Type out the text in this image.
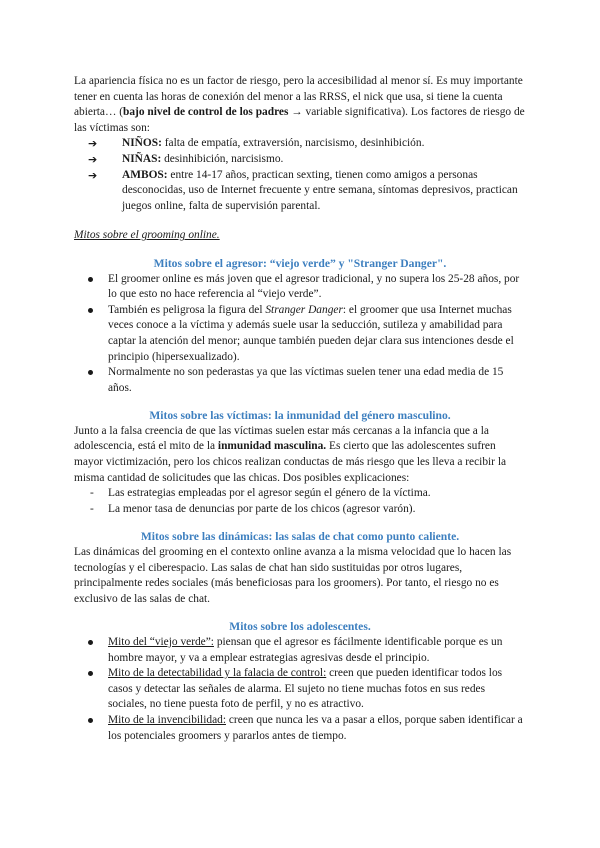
La apariencia física no es un factor de riesgo, pero la accesibilidad al menor sí. Es muy importante tener en cuenta las horas de conexión del menor a las RRSS, el nick que usa, si tiene la cuenta abierta… (bajo nivel de control de los padres → variable significativa). Los factores de riesgo de las víctimas son:

➔ NIÑOS: falta de empatía, extraversión, narcisismo, desinhibición.
➔ NIÑAS: desinhibición, narcisismo.
➔ AMBOS: entre 14-17 años, practican sexting, tienen como amigos a personas desconocidas, uso de Internet frecuente y entre semana, síntomas depresivos, practican juegos online, falta de supervisión parental.

Mitos sobre el grooming online.

Mitos sobre el agresor: “viejo verde” y "Stranger Danger".
El groomer online es más joven que el agresor tradicional, y no supera los 25-28 años, por lo que esto no hace referencia al “viejo verde”.
También es peligrosa la figura del Stranger Danger: el groomer que usa Internet muchas veces conoce a la víctima y además suele usar la seducción, sutileza y amabilidad para captar la atención del menor; aunque también pueden dejar clara sus intenciones desde el principio (hipersexualizado).
Normalmente no son pederastas ya que las víctimas suelen tener una edad media de 15 años.
Mitos sobre las víctimas: la inmunidad del género masculino.

Junto a la falsa creencia de que las víctimas suelen estar más cercanas a la infancia que a la adolescencia, está el mito de la inmunidad masculina. Es cierto que las adolescentes sufren mayor victimización, pero los chicos realizan conductas de más riesgo que les lleva a recibir la misma cantidad de solicitudes que las chicas. Dos posibles explicaciones:

- Las estrategias empleadas por el agresor según el género de la víctima.
- La menor tasa de denuncias por parte de los chicos (agresor varón).
Mitos sobre las dinámicas: las salas de chat como punto caliente.

Las dinámicas del grooming en el contexto online avanza a la misma velocidad que lo hacen las tecnologías y el ciberespacio. Las salas de chat han sido sustituidas por otros lugares, principalmente redes sociales (más beneficiosas para los groomers). Por tanto, el riesgo no es exclusivo de las salas de chat.

Mitos sobre los adolescentes.
Mito del “viejo verde”: piensan que el agresor es fácilmente identificable porque es un hombre mayor, y va a emplear estrategias agresivas desde el principio.
Mito de la detectabilidad y la falacia de control: creen que pueden identificar todos los casos y detectar las señales de alarma. El sujeto no tiene muchas fotos en sus redes sociales, no tiene puesta foto de perfil, y no es atractivo.
Mito de la invencibilidad: creen que nunca les va a pasar a ellos, porque saben identificar a los potenciales groomers y pararlos antes de tiempo.
